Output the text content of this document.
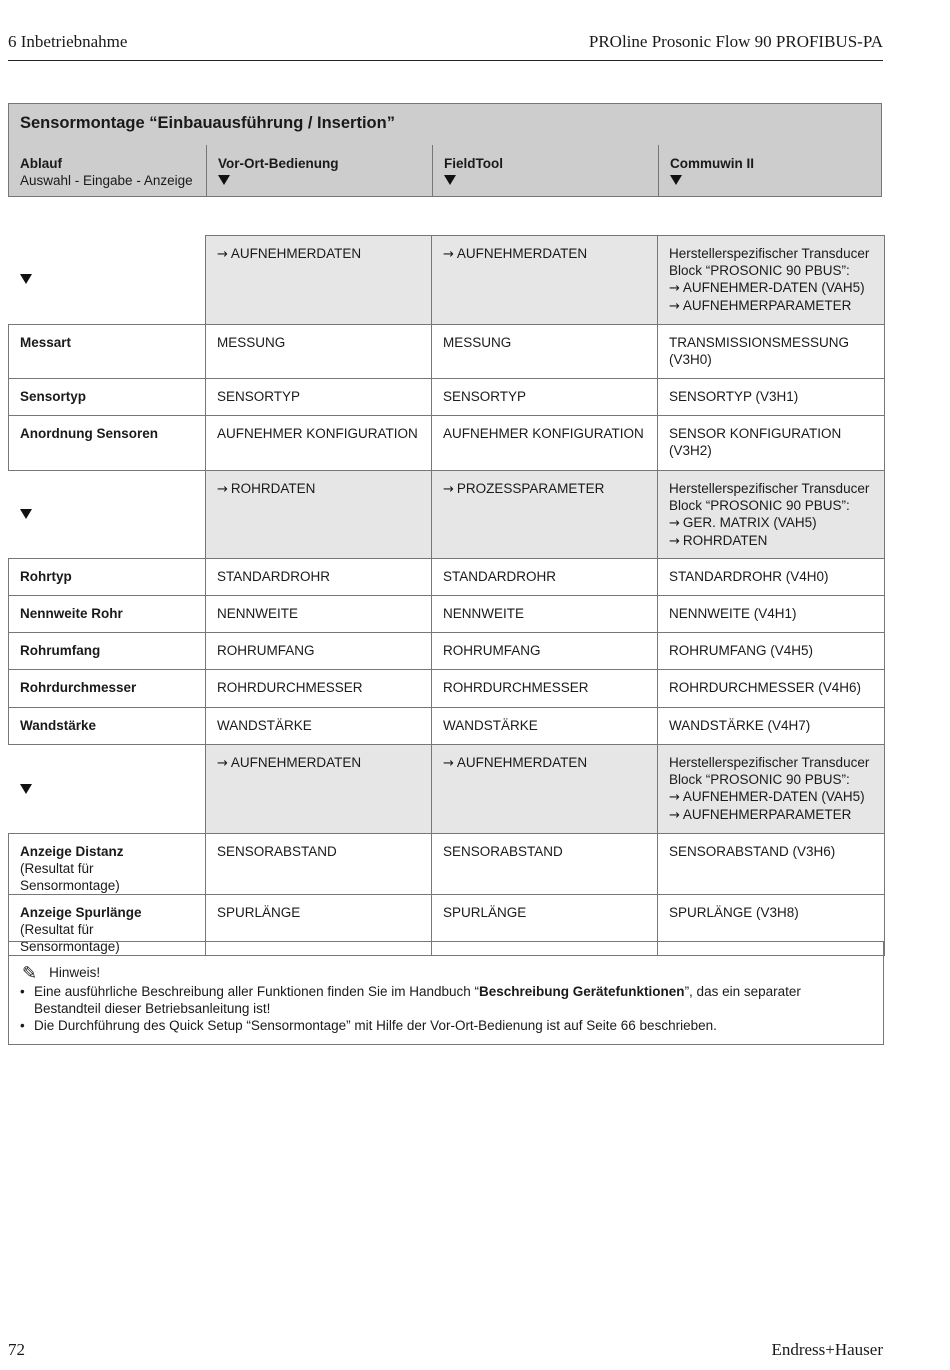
6 Inbetriebnahme	PROline Prosonic Flow 90 PROFIBUS-PA
Sensormontage “Einbauausführung / Insertion”
Ablauf
Auswahl - Eingabe - Anzeige
Vor-Ort-Bedienung	FieldTool	Commuwin II
	→ AUFNEHMERDATEN	→ AUFNEHMERDATEN	Herstellerspezifischer Transducer
Block “PROSONIC 90 PBUS”:
→ AUFNEHMER-DATEN (VAH5)
→ AUFNEHMERPARAMETER
Messart	MESSUNG	MESSUNG	TRANSMISSIONSMESSUNG
(V3H0)
Sensortyp	SENSORTYP	SENSORTYP	SENSORTYP (V3H1)
Anordnung Sensoren	AUFNEHMER KONFIGURATION	AUFNEHMER KONFIGURATION	SENSOR KONFIGURATION
(V3H2)
	→ ROHRDATEN	→ PROZESSPARAMETER	Herstellerspezifischer Transducer
Block “PROSONIC 90 PBUS”:
→ GER. MATRIX (VAH5)
→ ROHRDATEN
Rohrtyp	STANDARDROHR	STANDARDROHR	STANDARDROHR (V4H0)
Nennweite Rohr	NENNWEITE	NENNWEITE	NENNWEITE (V4H1)
Rohrumfang	ROHRUMFANG	ROHRUMFANG	ROHRUMFANG (V4H5)
Rohrdurchmesser	ROHRDURCHMESSER	ROHRDURCHMESSER	ROHRDURCHMESSER (V4H6)
Wandstärke	WANDSTÄRKE	WANDSTÄRKE	WANDSTÄRKE (V4H7)
	→ AUFNEHMERDATEN	→ AUFNEHMERDATEN	Herstellerspezifischer Transducer
Block “PROSONIC 90 PBUS”:
→ AUFNEHMER-DATEN (VAH5)
→ AUFNEHMERPARAMETER
Anzeige Distanz
(Resultat für Sensormontage)	SENSORABSTAND	SENSORABSTAND	SENSORABSTAND (V3H6)
Anzeige Spurlänge
(Resultat für Sensormontage)	SPURLÄNGE	SPURLÄNGE	SPURLÄNGE (V3H8)
✎ Hinweis!
• Eine ausführliche Beschreibung aller Funktionen finden Sie im Handbuch “Beschreibung Gerätefunktionen”, das ein separater Bestandteil dieser Betriebsanleitung ist!
• Die Durchführung des Quick Setup “Sensormontage” mit Hilfe der Vor-Ort-Bedienung ist auf Seite 66 beschrieben.
72	Endress+Hauser
